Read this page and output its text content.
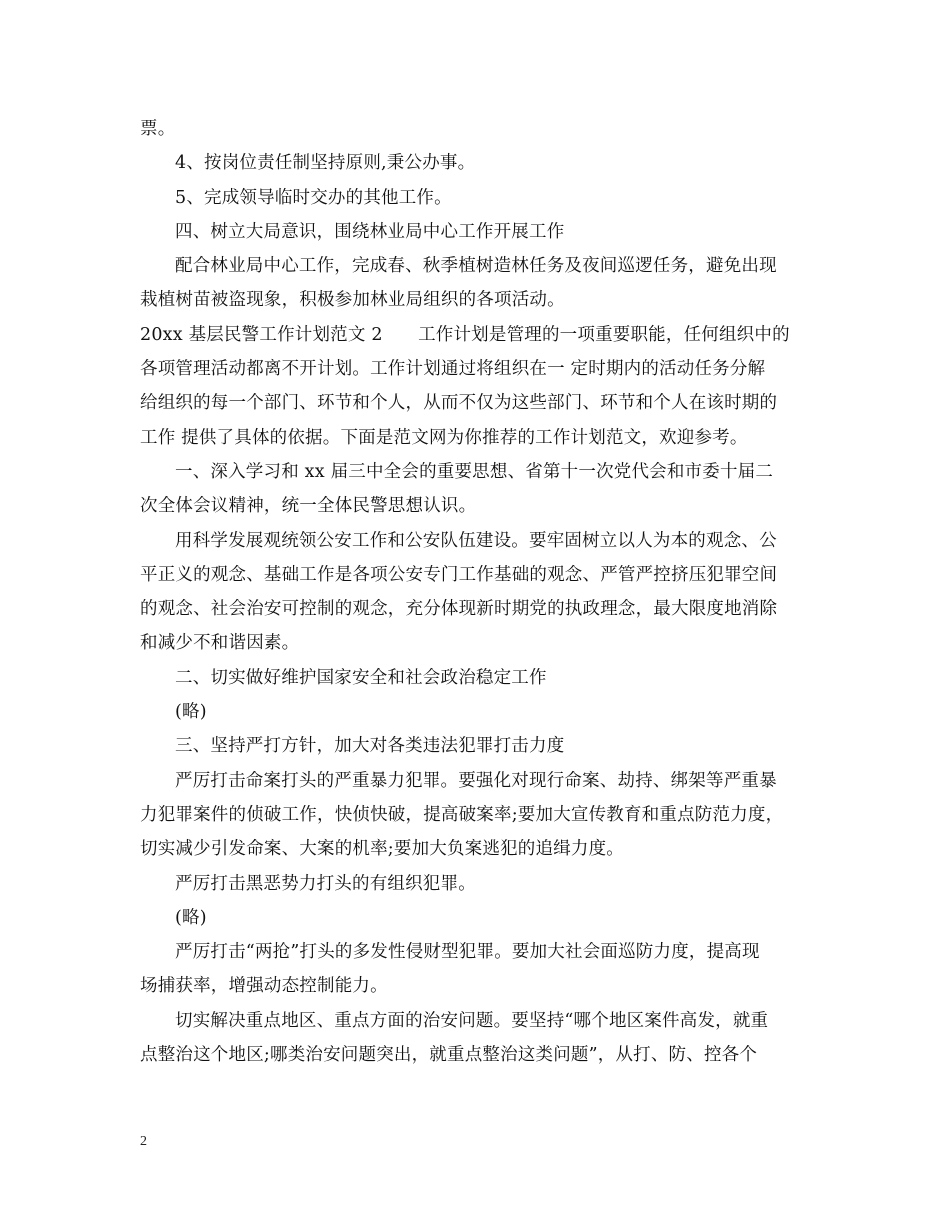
票。
4、按岗位责任制坚持原则,秉公办事。
5、完成领导临时交办的其他工作。
四、树立大局意识，围绕林业局中心工作开展工作
配合林业局中心工作，完成春、秋季植树造林任务及夜间巡逻任务，避免出现
栽植树苗被盗现象，积极参加林业局组织的各项活动。
20xx 基层民警工作计划范文 2　　工作计划是管理的一项重要职能，任何组织中的
各项管理活动都离不开计划。工作计划通过将组织在一 定时期内的活动任务分解
给组织的每一个部门、环节和个人，从而不仅为这些部门、环节和个人在该时期的
工作 提供了具体的依据。下面是范文网为你推荐的工作计划范文，欢迎参考。
一、深入学习和 xx 届三中全会的重要思想、省第十一次党代会和市委十届二
次全体会议精神，统一全体民警思想认识。
用科学发展观统领公安工作和公安队伍建设。要牢固树立以人为本的观念、公
平正义的观念、基础工作是各项公安专门工作基础的观念、严管严控挤压犯罪空间
的观念、社会治安可控制的观念，充分体现新时期党的执政理念，最大限度地消除
和减少不和谐因素。
二、切实做好维护国家安全和社会政治稳定工作
(略)
三、坚持严打方针，加大对各类违法犯罪打击力度
严厉打击命案打头的严重暴力犯罪。要强化对现行命案、劫持、绑架等严重暴
力犯罪案件的侦破工作，快侦快破，提高破案率;要加大宣传教育和重点防范力度，
切实减少引发命案、大案的机率;要加大负案逃犯的追缉力度。
严厉打击黑恶势力打头的有组织犯罪。
(略)
严厉打击“两抢”打头的多发性侵财型犯罪。要加大社会面巡防力度，提高现
场捕获率，增强动态控制能力。
切实解决重点地区、重点方面的治安问题。要坚持“哪个地区案件高发，就重
点整治这个地区;哪类治安问题突出，就重点整治这类问题”，从打、防、控各个
2
